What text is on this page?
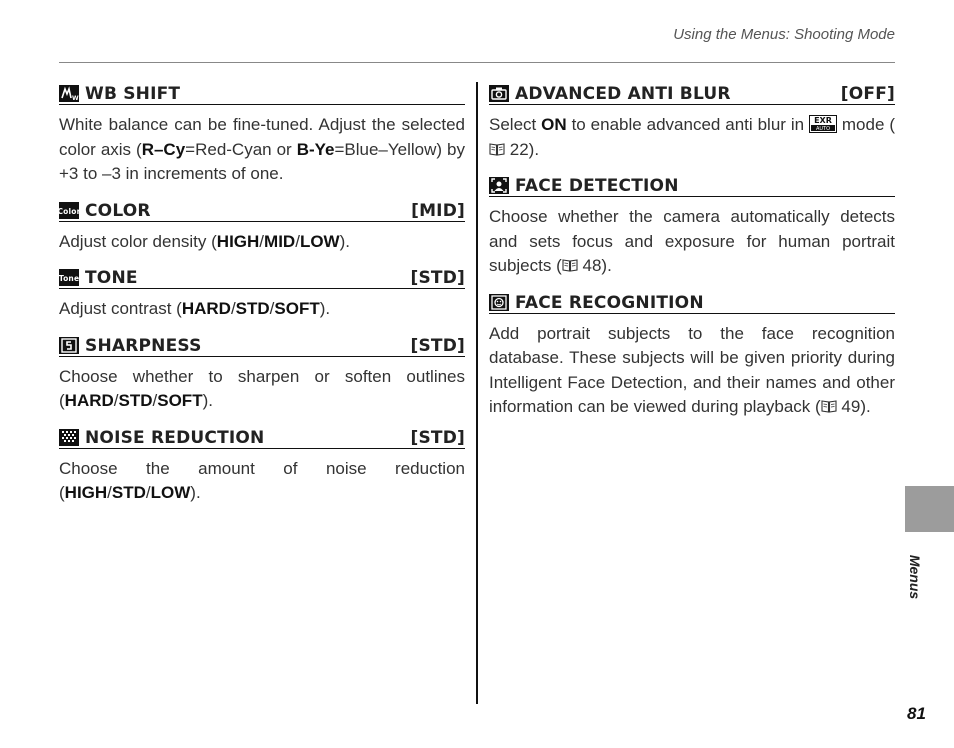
Using the Menus: Shooting Mode
WB WB SHIFT
White balance can be fine-tuned. Adjust the selected color axis (R–Cy=Red-Cyan or B-Ye=Blue–Yellow) by +3 to –3 in increments of one.
Color COLOR	[MID]
Adjust color density (HIGH/MID/LOW).
Tone TONE	[STD]
Adjust contrast (HARD/STD/SOFT).
SHARPNESS	[STD]
Choose whether to sharpen or soften outlines (HARD/STD/SOFT).
NOISE REDUCTION	[STD]
Choose the amount of noise reduction (HIGH/STD/LOW).
ADVANCED ANTI BLUR	[OFF]
Select ON to enable advanced anti blur in EXR
AUTO mode ( 22).
FACE DETECTION
Choose whether the camera automatically detects and sets focus and exposure for human portrait subjects ( 48).
FACE RECOGNITION
Add portrait subjects to the face recognition database. These subjects will be given priority during Intelligent Face Detection, and their names and other information can be viewed during playback ( 49).
Menus
81
